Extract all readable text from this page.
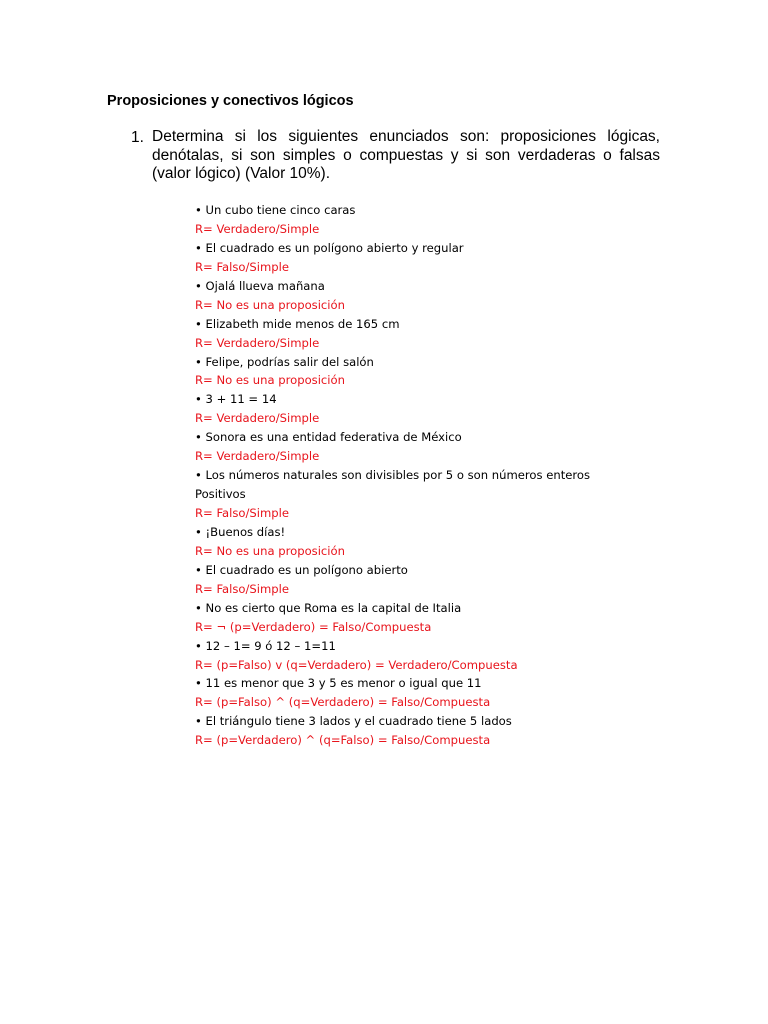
Proposiciones y conectivos lógicos
1. Determina si los siguientes enunciados son: proposiciones lógicas, denótalas, si son simples o compuestas y si son verdaderas o falsas (valor lógico) (Valor 10%).
• Un cubo tiene cinco caras
R= Verdadero/Simple
• El cuadrado es un polígono abierto y regular
R= Falso/Simple
• Ojalá llueva mañana
R= No es una proposición
• Elizabeth mide menos de 165 cm
R= Verdadero/Simple
• Felipe, podrías salir del salón
R= No es una proposición
• 3 + 11 = 14
R= Verdadero/Simple
• Sonora es una entidad federativa de México
R= Verdadero/Simple
• Los números naturales son divisibles por 5 o son números enteros
Positivos
R= Falso/Simple
• ¡Buenos días!
R= No es una proposición
• El cuadrado es un polígono abierto
R= Falso/Simple
• No es cierto que Roma es la capital de Italia
R= ¬ (p=Verdadero) = Falso/Compuesta
• 12 – 1= 9 ó 12 – 1=11
R= (p=Falso) v (q=Verdadero) = Verdadero/Compuesta
• 11 es menor que 3 y 5 es menor o igual que 11
R= (p=Falso) ^ (q=Verdadero) = Falso/Compuesta
• El triángulo tiene 3 lados y el cuadrado tiene 5 lados
R= (p=Verdadero) ^ (q=Falso) = Falso/Compuesta
